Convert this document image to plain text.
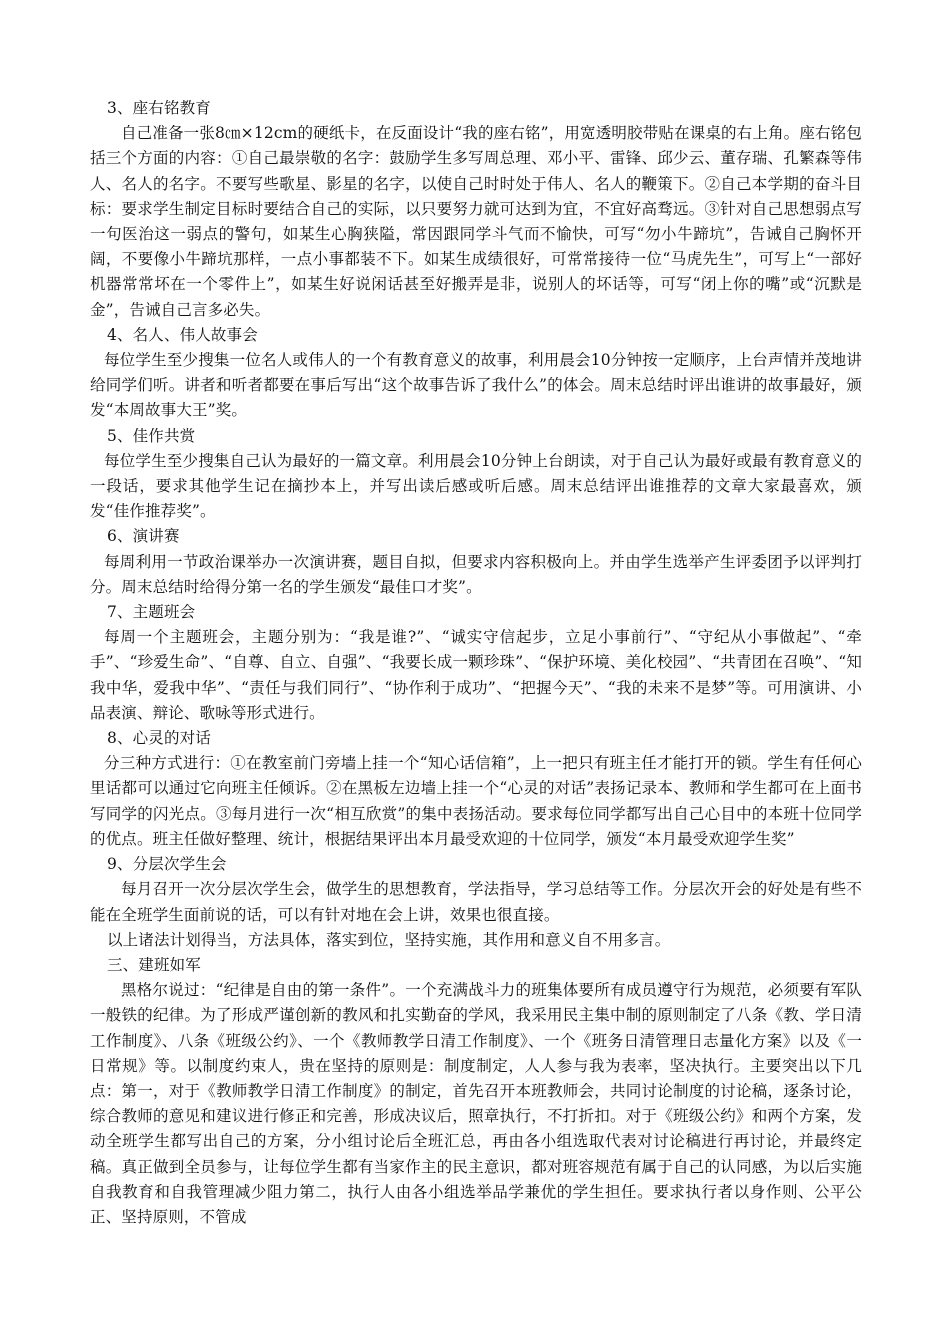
3、座右铭教育

自己准备一张8㎝×12cm的硬纸卡，在反面设计“我的座右铭”，用宽透明胶带贴在课桌的右上角。座右铭包括三个方面的内容：①自己最崇敬的名字：鼓励学生多写周总理、邓小平、雷锋、邱少云、董存瑞、孔繁森等伟人、名人的名字。不要写些歌星、影星的名字，以使自己时时处于伟人、名人的鞭策下。②自己本学期的奋斗目标：要求学生制定目标时要结合自己的实际，以只要努力就可达到为宜，不宜好高骛远。③针对自己思想弱点写一句医治这一弱点的警句，如某生心胸狭隘，常因跟同学斗气而不愉快，可写“勿小牛蹄坑”，告诫自己胸怀开阔，不要像小牛蹄坑那样，一点小事都装不下。如某生成绩很好，可常常接待一位“马虎先生”，可写上“一部好机器常常坏在一个零件上”，如某生好说闲话甚至好搬弄是非，说别人的坏话等，可写“闭上你的嘴”或“沉默是金”，告诫自己言多必失。

4、名人、伟人故事会

每位学生至少搜集一位名人或伟人的一个有教育意义的故事，利用晨会10分钟按一定顺序，上台声情并茂地讲给同学们听。讲者和听者都要在事后写出“这个故事告诉了我什么”的体会。周末总结时评出谁讲的故事最好，颁发“本周故事大王”奖。

5、佳作共赏

每位学生至少搜集自己认为最好的一篇文章。利用晨会10分钟上台朗读，对于自己认为最好或最有教育意义的一段话，要求其他学生记在摘抄本上，并写出读后感或听后感。周末总结评出谁推荐的文章大家最喜欢，颁发“佳作推荐奖”。

6、演讲赛

每周利用一节政治课举办一次演讲赛，题目自拟，但要求内容积极向上。并由学生选举产生评委团予以评判打分。周末总结时给得分第一名的学生颁发“最佳口才奖”。

7、主题班会

每周一个主题班会，主题分别为：“我是谁?”、“诚实守信起步，立足小事前行”、“守纪从小事做起”、“牵手”、“珍爱生命”、“自尊、自立、自强”、“我要长成一颗珍珠”、“保护环境、美化校园”、“共青团在召唤”、“知我中华，爱我中华”、“责任与我们同行”、“协作利于成功”、“把握今天”、“我的未来不是梦”等。可用演讲、小品表演、辩论、歌咏等形式进行。

8、心灵的对话

分三种方式进行：①在教室前门旁墙上挂一个“知心话信箱”，上一把只有班主任才能打开的锁。学生有任何心里话都可以通过它向班主任倾诉。②在黑板左边墙上挂一个“心灵的对话”表扬记录本、教师和学生都可在上面书写同学的闪光点。③每月进行一次“相互欣赏”的集中表扬活动。要求每位同学都写出自己心目中的本班十位同学的优点。班主任做好整理、统计，根据结果评出本月最受欢迎的十位同学，颁发“本月最受欢迎学生奖”

9、分层次学生会

每月召开一次分层次学生会，做学生的思想教育，学法指导，学习总结等工作。分层次开会的好处是有些不能在全班学生面前说的话，可以有针对地在会上讲，效果也很直接。

以上诸法计划得当，方法具体，落实到位，坚持实施，其作用和意义自不用多言。

三、建班如军

黑格尔说过：“纪律是自由的第一条件”。一个充满战斗力的班集体要所有成员遵守行为规范，必须要有军队一般铁的纪律。为了形成严谨创新的教风和扎实勤奋的学风，我采用民主集中制的原则制定了八条《教、学日清工作制度》、八条《班级公约》、一个《教师教学日清工作制度》、一个《班务日清管理日志量化方案》以及《一日常规》等。以制度约束人，贵在坚持的原则是：制度制定，人人参与我为表率，坚决执行。主要突出以下几点：第一，对于《教师教学日清工作制度》的制定，首先召开本班教师会，共同讨论制度的讨论稿，逐条讨论，综合教师的意见和建议进行修正和完善，形成决议后，照章执行，不打折扣。对于《班级公约》和两个方案，发动全班学生都写出自己的方案，分小组讨论后全班汇总，再由各小组选取代表对讨论稿进行再讨论，并最终定稿。真正做到全员参与，让每位学生都有当家作主的民主意识，都对班容规范有属于自己的认同感，为以后实施自我教育和自我管理减少阻力第二，执行人由各小组选举品学兼优的学生担任。要求执行者以身作则、公平公正、坚持原则，不管成
